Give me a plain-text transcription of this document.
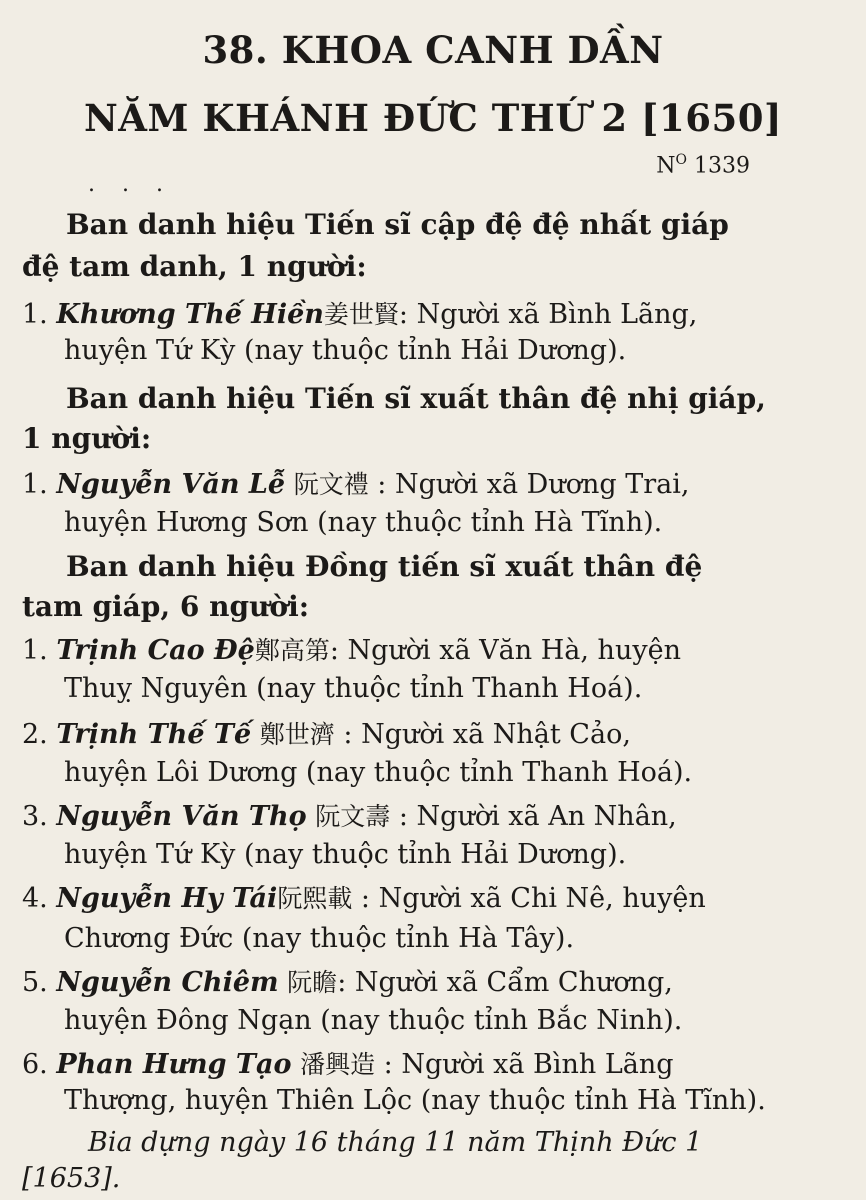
38. KHOA CANH DẦN
NĂM KHÁNH ĐỨC THỨ 2 [1650]
$N^O$ 1339
. . .
Ban danh hiệu Tiến sĩ cập đệ đệ nhất giáp
đệ tam danh, 1 người:
1. Khương Thế Hiền姜世賢: Người xã Bình Lãng,
huyện Tứ Kỳ (nay thuộc tỉnh Hải Dương).
Ban danh hiệu Tiến sĩ xuất thân đệ nhị giáp,
1 người:
1. Nguyễn Văn Lễ 阮文禮 : Người xã Dương Trai,
huyện Hương Sơn (nay thuộc tỉnh Hà Tĩnh).
Ban danh hiệu Đồng tiến sĩ xuất thân đệ
tam giáp, 6 người:
1. Trịnh Cao Đệ鄭高第: Người xã Văn Hà, huyện
Thuỵ Nguyên (nay thuộc tỉnh Thanh Hoá).
2. Trịnh Thế Tế 鄭世濟 : Người xã Nhật Cảo,
huyện Lôi Dương (nay thuộc tỉnh Thanh Hoá).
3. Nguyễn Văn Thọ 阮文壽 : Người xã An Nhân,
huyện Tứ Kỳ (nay thuộc tỉnh Hải Dương).
4. Nguyễn Hy Tái阮熙載 : Người xã Chi Nê, huyện
Chương Đức (nay thuộc tỉnh Hà Tây).
5. Nguyễn Chiêm 阮瞻: Người xã Cẩm Chương,
huyện Đông Ngạn (nay thuộc tỉnh Bắc Ninh).
6. Phan Hưng Tạo 潘興造 : Người xã Bình Lãng
Thượng, huyện Thiên Lộc (nay thuộc tỉnh Hà Tĩnh).
Bia dựng ngày 16 tháng 11 năm Thịnh Đức 1
[1653].
